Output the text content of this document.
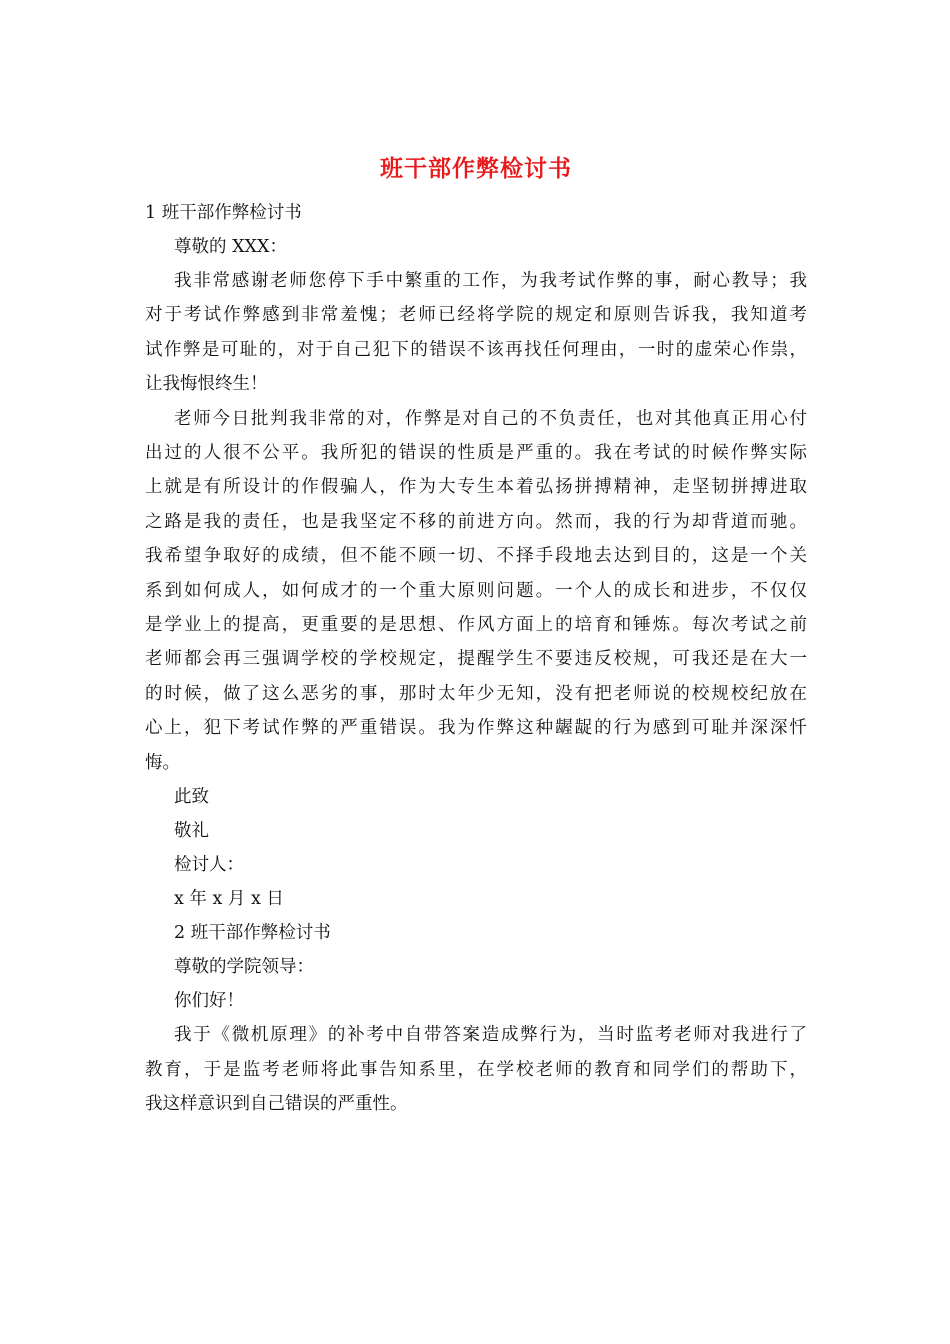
班干部作弊检讨书

1 班干部作弊检讨书

尊敬的 XXX：

我非常感谢老师您停下手中繁重的工作，为我考试作弊的事，耐心教导；我
对于考试作弊感到非常羞愧；老师已经将学院的规定和原则告诉我，我知道考
试作弊是可耻的，对于自己犯下的错误不该再找任何理由，一时的虚荣心作祟，
让我悔恨终生！
老师今日批判我非常的对，作弊是对自己的不负责任，也对其他真正用心付
出过的人很不公平。我所犯的错误的性质是严重的。我在考试的时候作弊实际
上就是有所设计的作假骗人，作为大专生本着弘扬拼搏精神，走坚韧拼搏进取
之路是我的责任，也是我坚定不移的前进方向。然而，我的行为却背道而驰。
我希望争取好的成绩，但不能不顾一切、不择手段地去达到目的，这是一个关
系到如何成人，如何成才的一个重大原则问题。一个人的成长和进步，不仅仅
是学业上的提高，更重要的是思想、作风方面上的培育和锤炼。每次考试之前
老师都会再三强调学校的学校规定，提醒学生不要违反校规，可我还是在大一
的时候，做了这么恶劣的事，那时太年少无知，没有把老师说的校规校纪放在
心上，犯下考试作弊的严重错误。我为作弊这种龌龊的行为感到可耻并深深忏
悔。

此致

敬礼

检讨人：

x 年 x 月 x 日

2 班干部作弊检讨书

尊敬的学院领导：

你们好！

我于《微机原理》的补考中自带答案造成弊行为，当时监考老师对我进行了
教育，于是监考老师将此事告知系里，在学校老师的教育和同学们的帮助下，
我这样意识到自己错误的严重性。
